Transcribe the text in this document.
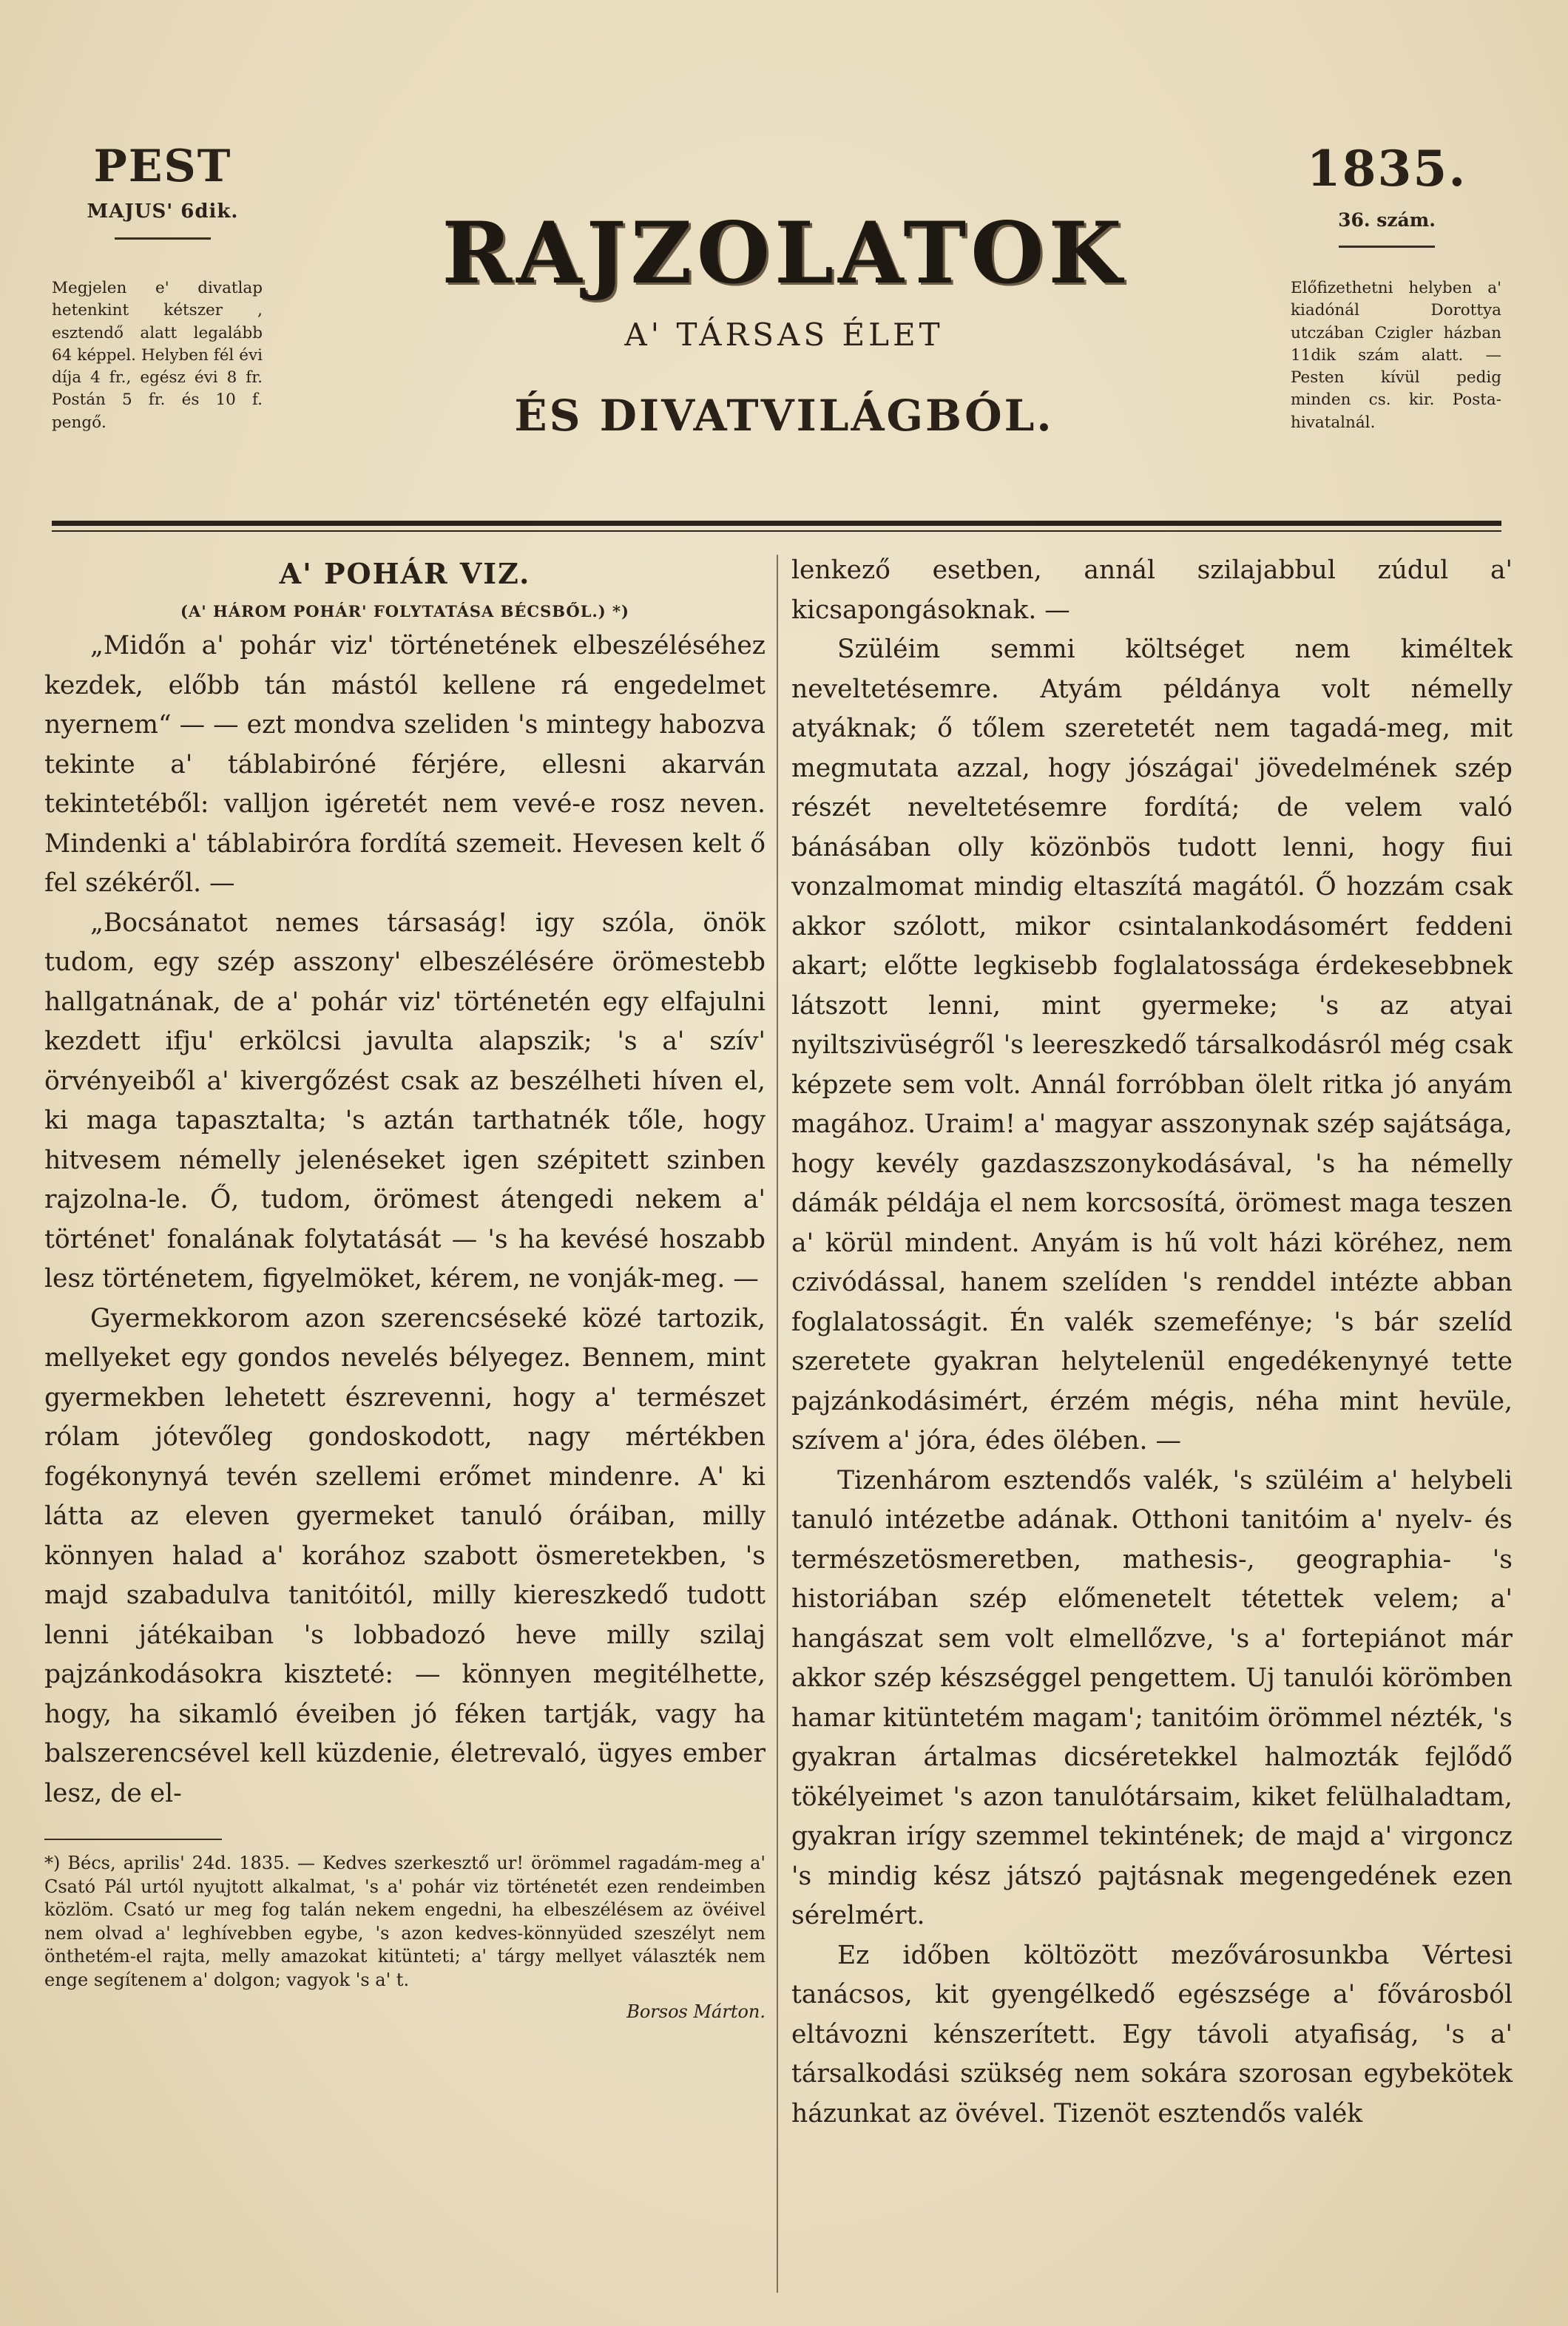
PEST
MAJUS' 6dik.
Megjelen e' divatlap hetenkint kétszer , esztendő alatt legalább 64 képpel. Helyben fél évi díja 4 fr., egész évi 8 fr. Postán 5 fr. és 10 f. pengő.
RAJZOLATOK
A' TÁRSAS ÉLET
ÉS DIVATVILÁGBÓL.
1835.
36. szám.
Előfizethetni helyben a' kiadónál Dorottya utczában Czigler házban 11dik szám alatt. — Pesten kívül pedig minden cs. kir. Posta-hivatalnál.

A' POHÁR VIZ.

(A' HÁROM POHÁR' FOLYTATÁSA BÉCSBŐL.) *)

„Midőn a' pohár viz' történetének elbeszéléséhez kezdek, előbb tán mástól kellene rá engedelmet nyernem“ — — ezt mondva szeliden 's mintegy habozva tekinte a' táblabiróné férjére, ellesni akarván tekintetéből: valljon igéretét nem vevé-e rosz neven. Mindenki a' táblabiróra fordítá szemeit. Hevesen kelt ő fel székéről. —

„Bocsánatot nemes társaság! igy szóla, önök tudom, egy szép asszony' elbeszélésére örömestebb hallgatnának, de a' pohár viz' történetén egy elfajulni kezdett ifju' erkölcsi javulta alapszik; 's a' szív' örvényeiből a' kivergőzést csak az beszélheti híven el, ki maga tapasztalta; 's aztán tarthatnék tőle, hogy hitvesem némelly jelenéseket igen szépitett szinben rajzolna-le. Ő, tudom, örömest átengedi nekem a' történet' fonalának folytatását — 's ha kevésé hoszabb lesz történetem, figyelmöket, kérem, ne vonják-meg. —

Gyermekkorom azon szerencséseké közé tartozik, mellyeket egy gondos nevelés bélyegez. Bennem, mint gyermekben lehetett észrevenni, hogy a' természet rólam jótevőleg gondoskodott, nagy mértékben fogékonynyá tevén szellemi erőmet mindenre. A' ki látta az eleven gyermeket tanuló óráiban, milly könnyen halad a' korához szabott ösmeretekben, 's majd szabadulva tanitóitól, milly kiereszkedő tudott lenni játékaiban 's lobbadozó heve milly szilaj pajzánkodásokra kiszteté: — könnyen megitélhette, hogy, ha sikamló éveiben jó féken tartják, vagy ha balszerencsével kell küzdenie, életrevaló, ügyes ember lesz, de el-

*) Bécs, aprilis' 24d. 1835. — Kedves szerkesztő ur! örömmel ragadám-meg a' Csató Pál urtól nyujtott alkalmat, 's a' pohár viz történetét ezen rendeimben közlöm. Csató ur meg fog talán nekem engedni, ha elbeszélésem az övéivel nem olvad a' leghívebben egybe, 's azon kedves-könnyüded szeszélyt nem önthetém-el rajta, melly amazokat kitünteti; a' tárgy mellyet választék nem enge segítenem a' dolgon; vagyok 's a' t.

Borsos Márton.

lenkező esetben, annál szilajabbul zúdul a' kicsapongásoknak. —

Szüléim semmi költséget nem kiméltek neveltetésemre. Atyám példánya volt némelly atyáknak; ő tőlem szeretetét nem tagadá-meg, mit megmutata azzal, hogy jószágai' jövedelmének szép részét neveltetésemre fordítá; de velem való bánásában olly közönbös tudott lenni, hogy fiui vonzalmomat mindig eltaszítá magától. Ő hozzám csak akkor szólott, mikor csintalankodásomért feddeni akart; előtte legkisebb foglalatossága érdekesebbnek látszott lenni, mint gyermeke; 's az atyai nyiltszivüségről 's leereszkedő társalkodásról még csak képzete sem volt. Annál forróbban ölelt ritka jó anyám magához. Uraim! a' magyar asszonynak szép sajátsága, hogy kevély gazdaszszonykodásával, 's ha némelly dámák példája el nem korcsosítá, örömest maga teszen a' körül mindent. Anyám is hű volt házi köréhez, nem czivódással, hanem szelíden 's renddel intézte abban foglalatosságit. Én valék szemefénye; 's bár szelíd szeretete gyakran helytelenül engedékenynyé tette pajzánkodásimért, érzém mégis, néha mint hevüle, szívem a' jóra, édes ölében. —

Tizenhárom esztendős valék, 's szüléim a' helybeli tanuló intézetbe adának. Otthoni tanitóim a' nyelv- és természetösmeretben, mathesis-, geographia- 's historiában szép előmenetelt tétettek velem; a' hangászat sem volt elmellőzve, 's a' fortepiánot már akkor szép készséggel pengettem. Uj tanulói körömben hamar kitüntetém magam'; tanitóim örömmel nézték, 's gyakran ártalmas dicséretekkel halmozták fejlődő tökélyeimet 's azon tanulótársaim, kiket felülhaladtam, gyakran irígy szemmel tekintének; de majd a' virgoncz 's mindig kész játszó pajtásnak megengedének ezen sérelmért.

Ez időben költözött mezővárosunkba Vértesi tanácsos, kit gyengélkedő egészsége a' fővárosból eltávozni kénszerített. Egy távoli atyafiság, 's a' társalkodási szükség nem sokára szorosan egybekötek házunkat az övével. Tizenöt esztendős valék
